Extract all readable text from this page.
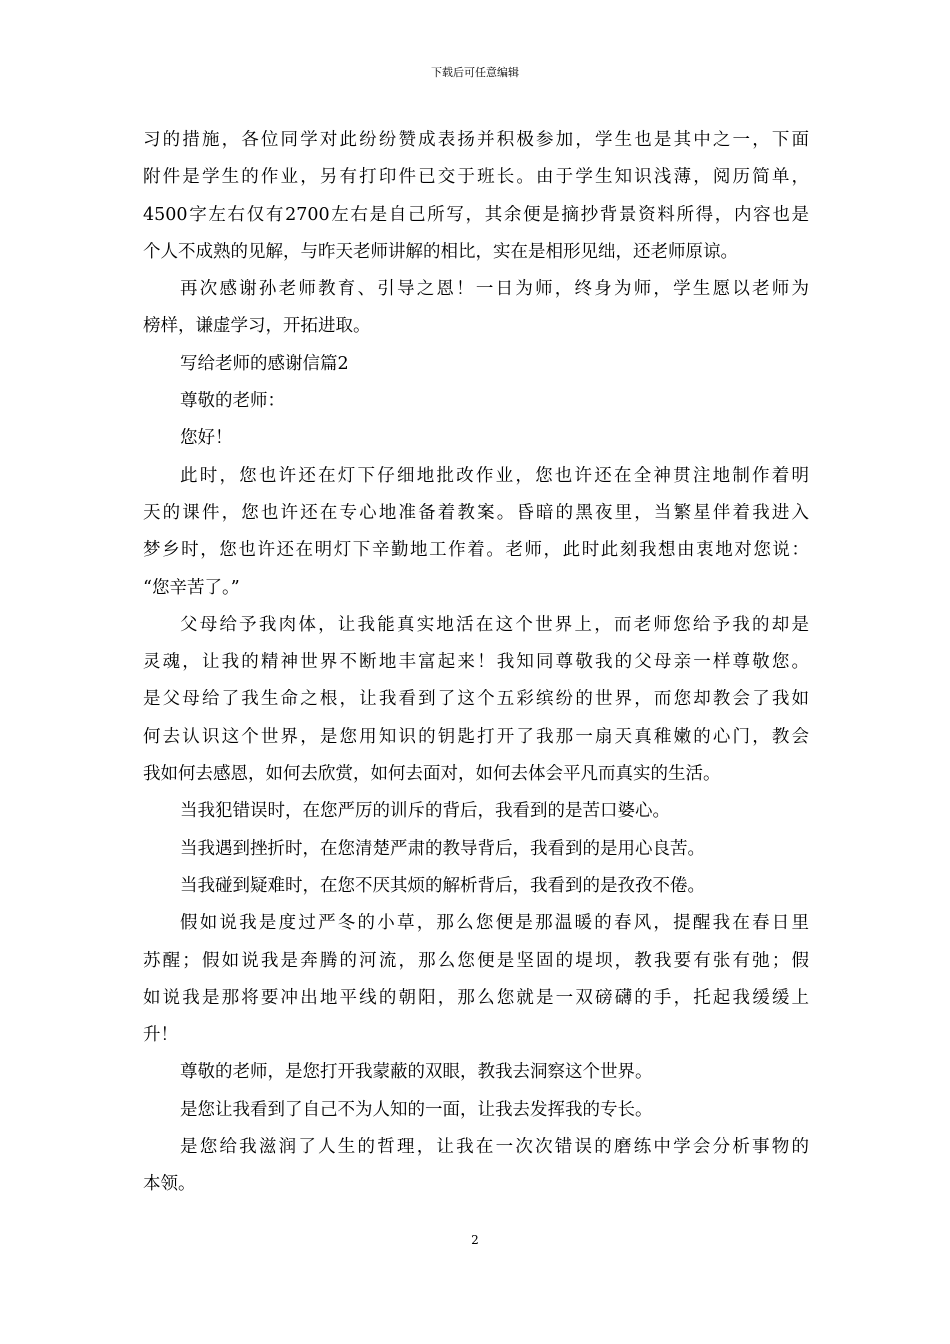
下载后可任意编辑

习的措施，各位同学对此纷纷赞成表扬并积极参加，学生也是其中之一，下面

附件是学生的作业，另有打印件已交于班长。由于学生知识浅薄，阅历简单，

4500字左右仅有2700左右是自己所写，其余便是摘抄背景资料所得，内容也是

个人不成熟的见解，与昨天老师讲解的相比，实在是相形见绌，还老师原谅。

再次感谢孙老师教育、引导之恩！一日为师，终身为师，学生愿以老师为

榜样，谦虚学习，开拓进取。

写给老师的感谢信篇2

尊敬的老师：

您好！

此时，您也许还在灯下仔细地批改作业，您也许还在全神贯注地制作着明

天的课件，您也许还在专心地准备着教案。昏暗的黑夜里，当繁星伴着我进入

梦乡时，您也许还在明灯下辛勤地工作着。老师，此时此刻我想由衷地对您说：

“您辛苦了。”

父母给予我肉体，让我能真实地活在这个世界上，而老师您给予我的却是

灵魂，让我的精神世界不断地丰富起来！我知同尊敬我的父母亲一样尊敬您。

是父母给了我生命之根，让我看到了这个五彩缤纷的世界，而您却教会了我如

何去认识这个世界，是您用知识的钥匙打开了我那一扇天真稚嫩的心门，教会

我如何去感恩，如何去欣赏，如何去面对，如何去体会平凡而真实的生活。

当我犯错误时，在您严厉的训斥的背后，我看到的是苦口婆心。

当我遇到挫折时，在您清楚严肃的教导背后，我看到的是用心良苦。

当我碰到疑难时，在您不厌其烦的解析背后，我看到的是孜孜不倦。

假如说我是度过严冬的小草，那么您便是那温暖的春风，提醒我在春日里

苏醒；假如说我是奔腾的河流，那么您便是坚固的堤坝，教我要有张有弛；假

如说我是那将要冲出地平线的朝阳，那么您就是一双磅礴的手，托起我缓缓上

升！

尊敬的老师，是您打开我蒙蔽的双眼，教我去洞察这个世界。

是您让我看到了自己不为人知的一面，让我去发挥我的专长。

是您给我滋润了人生的哲理，让我在一次次错误的磨练中学会分析事物的

本领。

2
